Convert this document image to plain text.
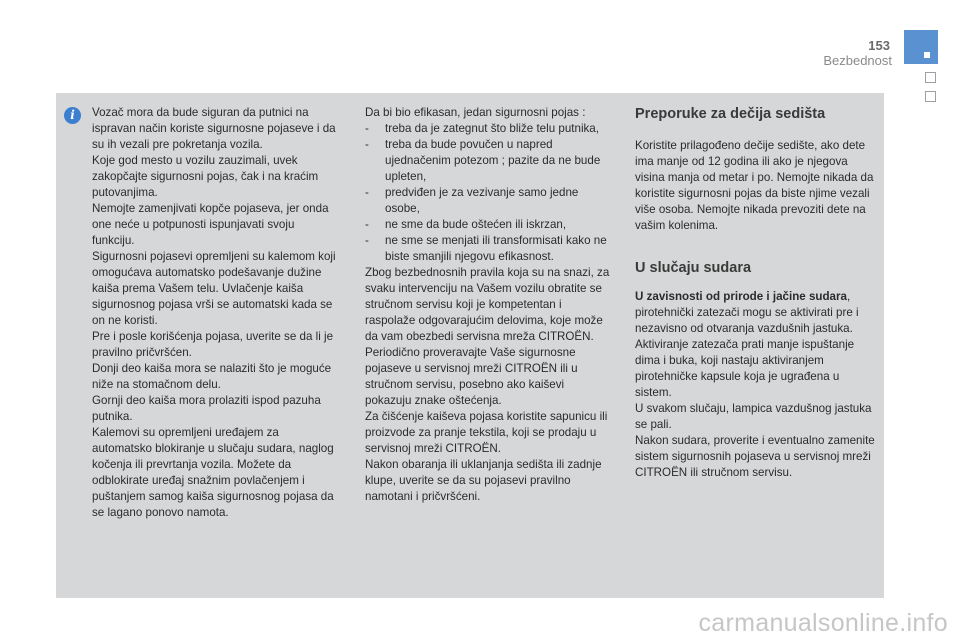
153
Bezbednost
i	Vozač mora da bude siguran da putnici na ispravan način koriste sigurnosne pojaseve i da su ih vezali pre pokretanja vozila.

Koje god mesto u vozilu zauzimali, uvek zakopčajte sigurnosni pojas, čak i na kraćim putovanjima.

Nemojte zamenjivati kopče pojaseva, jer onda one neće u potpunosti ispunjavati svoju funkciju.

Sigurnosni pojasevi opremljeni su kalemom koji omogućava automatsko podešavanje dužine kaiša prema Vašem telu. Uvlačenje kaiša sigurnosnog pojasa vrši se automatski kada se on ne koristi.

Pre i posle korišćenja pojasa, uverite se da li je pravilno pričvršćen.

Donji deo kaiša mora se nalaziti što je moguće niže na stomačnom delu.

Gornji deo kaiša mora prolaziti ispod pazuha putnika.

Kalemovi su opremljeni uređajem za automatsko blokiranje u slučaju sudara, naglog kočenja ili prevrtanja vozila. Možete da odblokirate uređaj snažnim povlačenjem i puštanjem samog kaiša sigurnosnog pojasa da se lagano ponovo namota.

Da bi bio efikasan, jedan sigurnosni pojas :

- treba da je zategnut što bliže telu putnika,
- treba da bude povučen u napred ujednačenim potezom ; pazite da ne bude upleten,
- predviđen je za vezivanje samo jedne osobe,
- ne sme da bude oštećen ili iskrzan,
- ne sme se menjati ili transformisati kako ne biste smanjili njegovu efikasnost.

Zbog bezbednosnih pravila koja su na snazi, za svaku intervenciju na Vašem vozilu obratite se stručnom servisu koji je kompetentan i raspolaže odgovarajućim delovima, koje može da vam obezbedi servisna mreža CITROËN.

Periodično proveravajte Vaše sigurnosne pojaseve u servisnoj mreži CITROËN ili u stručnom servisu, posebno ako kaiševi pokazuju znake oštećenja.

Za čišćenje kaiševa pojasa koristite sapunicu ili proizvode za pranje tekstila, koji se prodaju u servisnoj mreži CITROËN.

Nakon obaranja ili uklanjanja sedišta ili zadnje klupe, uverite se da su pojasevi pravilno namotani i pričvršćeni.

Preporuke za dečija sedišta

Koristite prilagođeno dečije sedište, ako dete ima manje od 12 godina ili ako je njegova visina manja od metar i po. Nemojte nikada da koristite sigurnosni pojas da biste njime vezali više osoba. Nemojte nikada prevoziti dete na vašim kolenima.

U slučaju sudara

U zavisnosti od prirode i jačine sudara, pirotehnički zatezači mogu se aktivirati pre i nezavisno od otvaranja vazdušnih jastuka. Aktiviranje zatezača prati manje ispuštanje dima i buka, koji nastaju aktiviranjem pirotehničke kapsule koja je ugrađena u sistem.

U svakom slučaju, lampica vazdušnog jastuka se pali.

Nakon sudara, proverite i eventualno zamenite sistem sigurnosnih pojaseva u servisnoj mreži CITROËN ili stručnom servisu.

carmanualsonline.info
